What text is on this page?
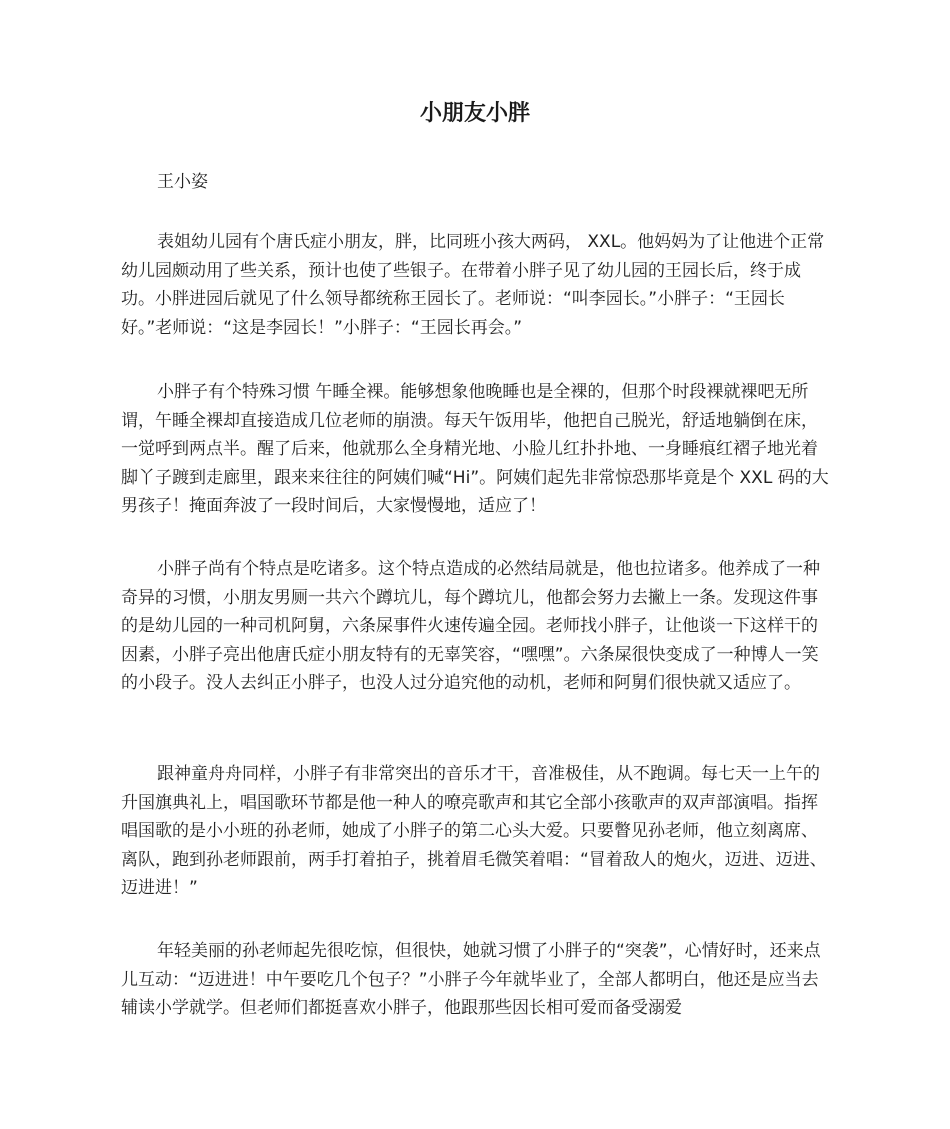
小朋友小胖

王小姿

表姐幼儿园有个唐氏症小朋友，胖，比同班小孩大两码， XXL。他妈妈为了让他进个正常幼儿园颇动用了些关系，预计也使了些银子。在带着小胖子见了幼儿园的王园长后，终于成功。小胖进园后就见了什么领导都统称王园长了。老师说：“叫李园长。”小胖子：“王园长好。”老师说：“这是李园长！”小胖子：“王园长再会。”

小胖子有个特殊习惯 午睡全裸。能够想象他晚睡也是全裸的，但那个时段裸就裸吧无所谓，午睡全裸却直接造成几位老师的崩溃。每天午饭用毕，他把自己脱光，舒适地躺倒在床，一觉呼到两点半。醒了后来，他就那么全身精光地、小脸儿红扑扑地、一身睡痕红褶子地光着脚丫子踱到走廊里，跟来来往往的阿姨们喊“Hi”。阿姨们起先非常惊恐那毕竟是个 XXL 码的大男孩子！掩面奔波了一段时间后，大家慢慢地，适应了！

小胖子尚有个特点是吃诸多。这个特点造成的必然结局就是，他也拉诸多。他养成了一种奇异的习惯，小朋友男厕一共六个蹲坑儿，每个蹲坑儿，他都会努力去撇上一条。发现这件事的是幼儿园的一种司机阿舅，六条屎事件火速传遍全园。老师找小胖子，让他谈一下这样干的因素，小胖子亮出他唐氏症小朋友特有的无辜笑容，“嘿嘿”。六条屎很快变成了一种博人一笑的小段子。没人去纠正小胖子，也没人过分追究他的动机，老师和阿舅们很快就又适应了。

跟神童舟舟同样，小胖子有非常突出的音乐才干，音准极佳，从不跑调。每七天一上午的升国旗典礼上，唱国歌环节都是他一种人的嘹亮歌声和其它全部小孩歌声的双声部演唱。指挥唱国歌的是小小班的孙老师，她成了小胖子的第二心头大爱。只要瞥见孙老师，他立刻离席、离队，跑到孙老师跟前，两手打着拍子，挑着眉毛微笑着唱：“冒着敌人的炮火，迈进、迈进、迈进进！”

年轻美丽的孙老师起先很吃惊，但很快，她就习惯了小胖子的“突袭”，心情好时，还来点儿互动：“迈进进！中午要吃几个包子？”小胖子今年就毕业了，全部人都明白，他还是应当去辅读小学就学。但老师们都挺喜欢小胖子，他跟那些因长相可爱而备受溺爱
